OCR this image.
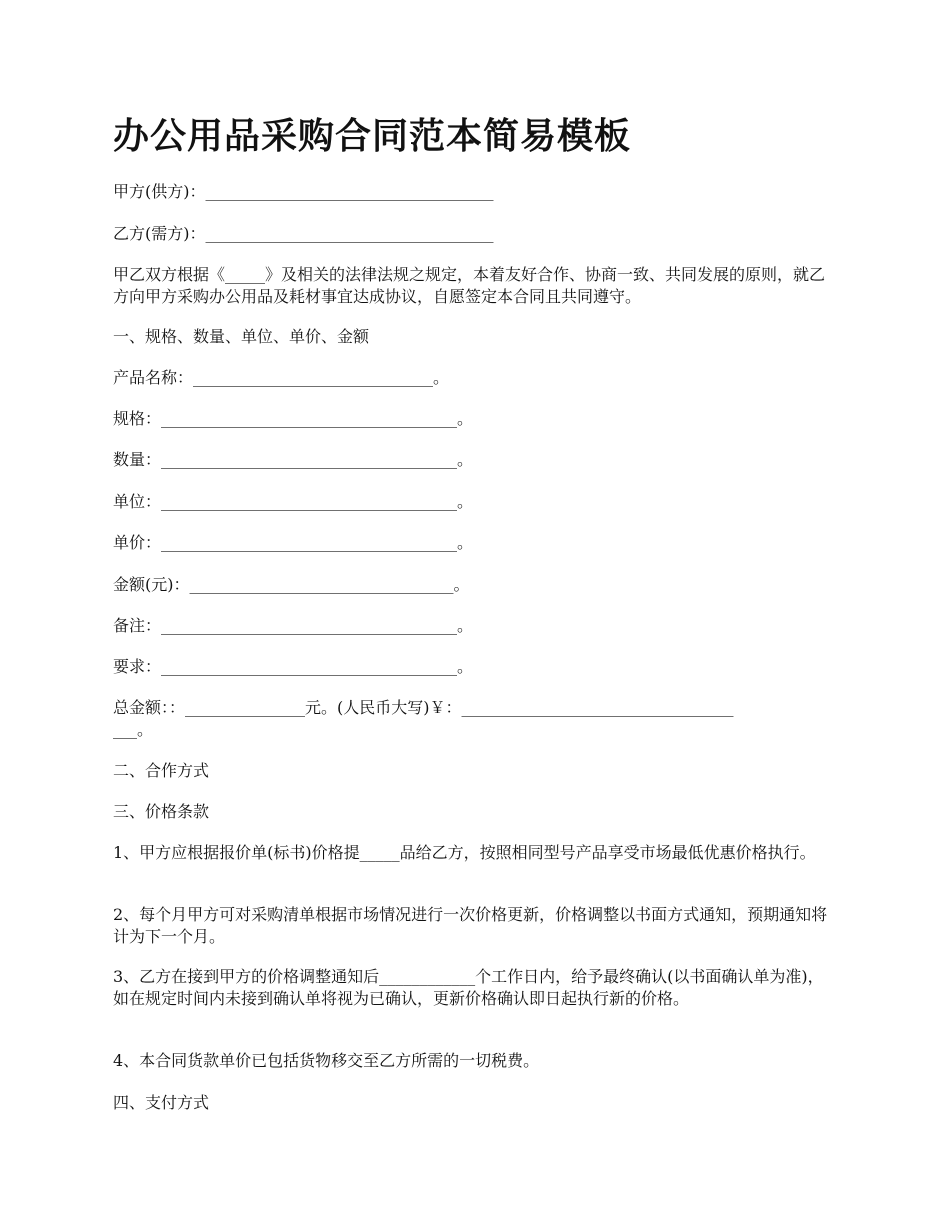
办公用品采购合同范本简易模板
甲方(供方)：____________________________________
乙方(需方)：____________________________________
甲乙双方根据《_____》及相关的法律法规之规定，本着友好合作、协商一致、共同发展的原则，就乙方向甲方采购办公用品及耗材事宜达成协议，自愿签定本合同且共同遵守。
一、规格、数量、单位、单价、金额
产品名称：______________________________。
规格：_____________________________________。
数量：_____________________________________。
单位：_____________________________________。
单价：_____________________________________。
金额(元)：_________________________________。
备注：_____________________________________。
要求：_____________________________________。
总金额：：_______________元。(人民币大写)￥：__________________________________
___。
二、合作方式
三、价格条款
1、甲方应根据报价单(标书)价格提_____品给乙方，按照相同型号产品享受市场最低优惠价格执行。
2、每个月甲方可对采购清单根据市场情况进行一次价格更新，价格调整以书面方式通知，预期通知将计为下一个月。
3、乙方在接到甲方的价格调整通知后____________个工作日内，给予最终确认(以书面确认单为准)，如在规定时间内未接到确认单将视为已确认，更新价格确认即日起执行新的价格。
4、本合同货款单价已包括货物移交至乙方所需的一切税费。
四、支付方式
